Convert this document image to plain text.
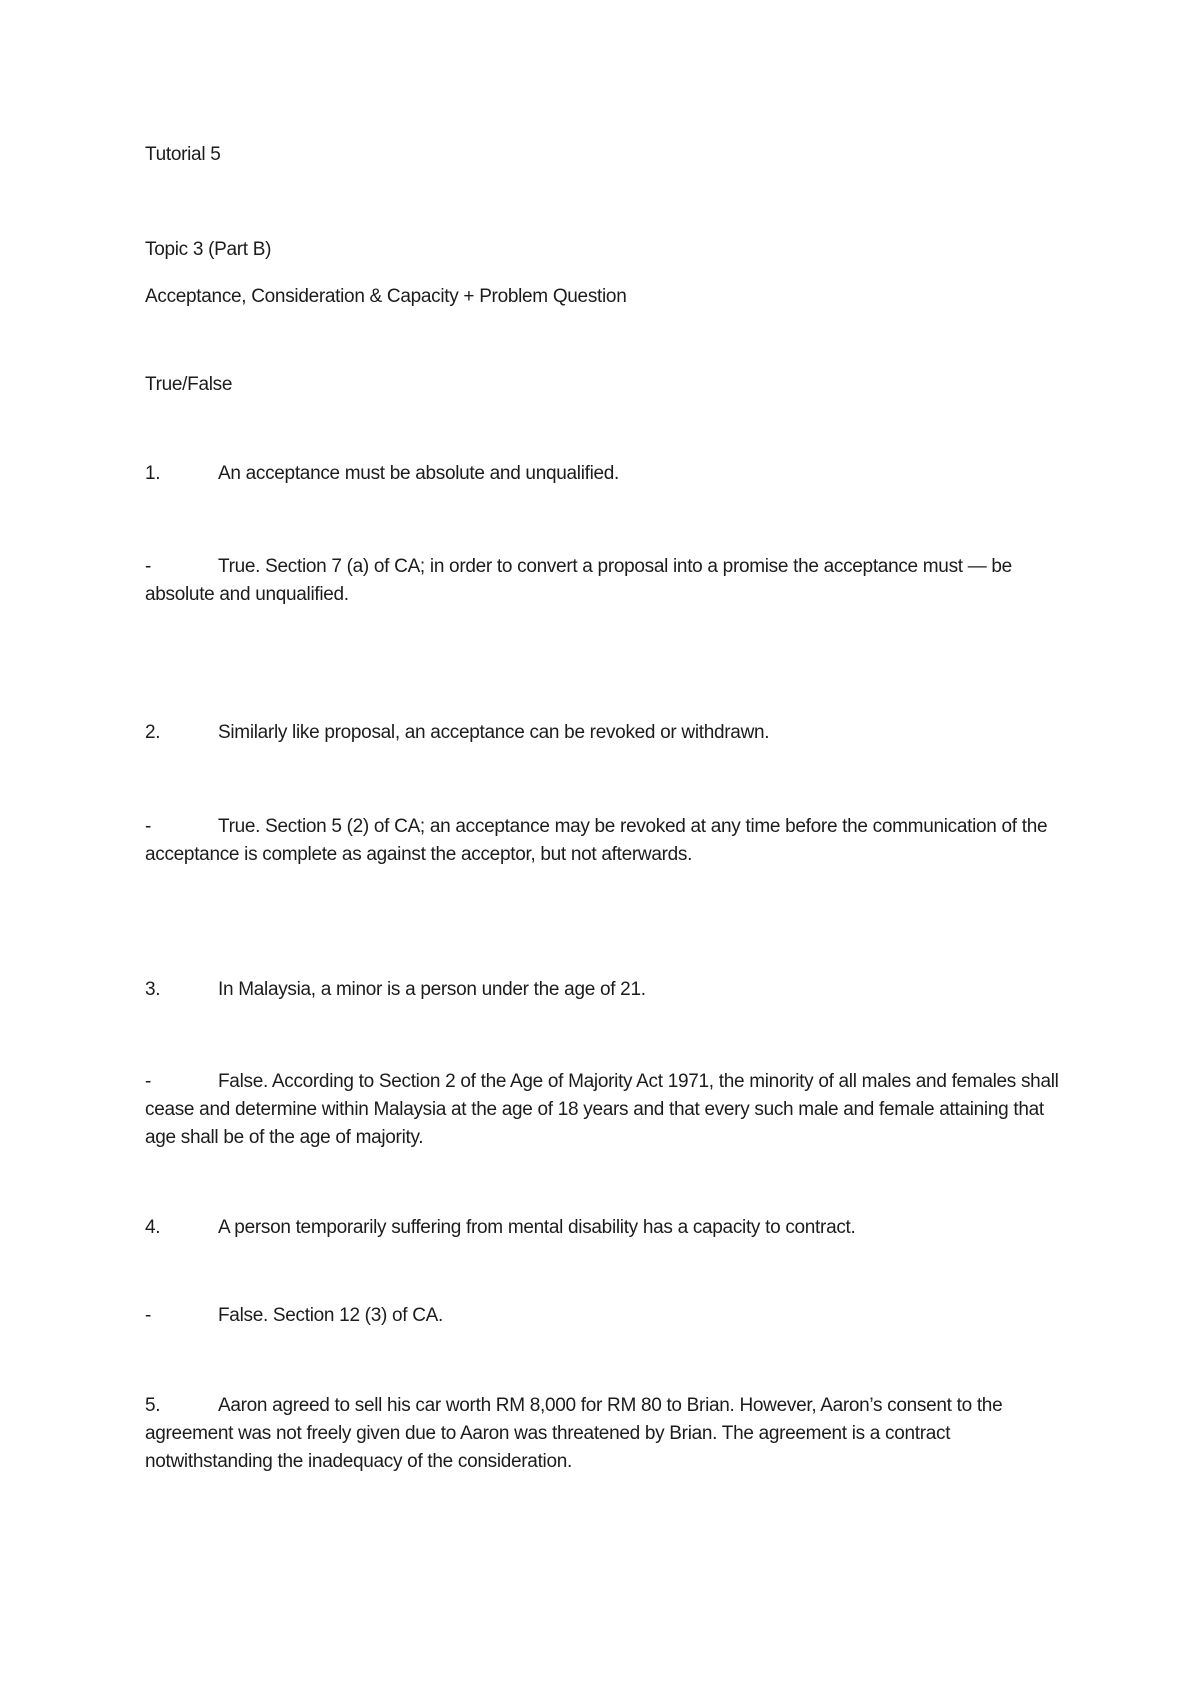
Tutorial 5

Topic 3 (Part B)

Acceptance, Consideration & Capacity + Problem Question

True/False

1.	An acceptance must be absolute and unqualified.

-	True. Section 7 (a) of CA; in order to convert a proposal into a promise the acceptance must — be absolute and unqualified.

2.	Similarly like proposal, an acceptance can be revoked or withdrawn.

-	True. Section 5 (2) of CA; an acceptance may be revoked at any time before the communication of the acceptance is complete as against the acceptor, but not afterwards.

3.	In Malaysia, a minor is a person under the age of 21.

-	False. According to Section 2 of the Age of Majority Act 1971, the minority of all males and females shall cease and determine within Malaysia at the age of 18 years and that every such male and female attaining that age shall be of the age of majority.

4.	A person temporarily suffering from mental disability has a capacity to contract.

-	False. Section 12 (3) of CA.

5.	Aaron agreed to sell his car worth RM 8,000 for RM 80 to Brian. However, Aaron’s consent to the agreement was not freely given due to Aaron was threatened by Brian. The agreement is a contract notwithstanding the inadequacy of the consideration.
